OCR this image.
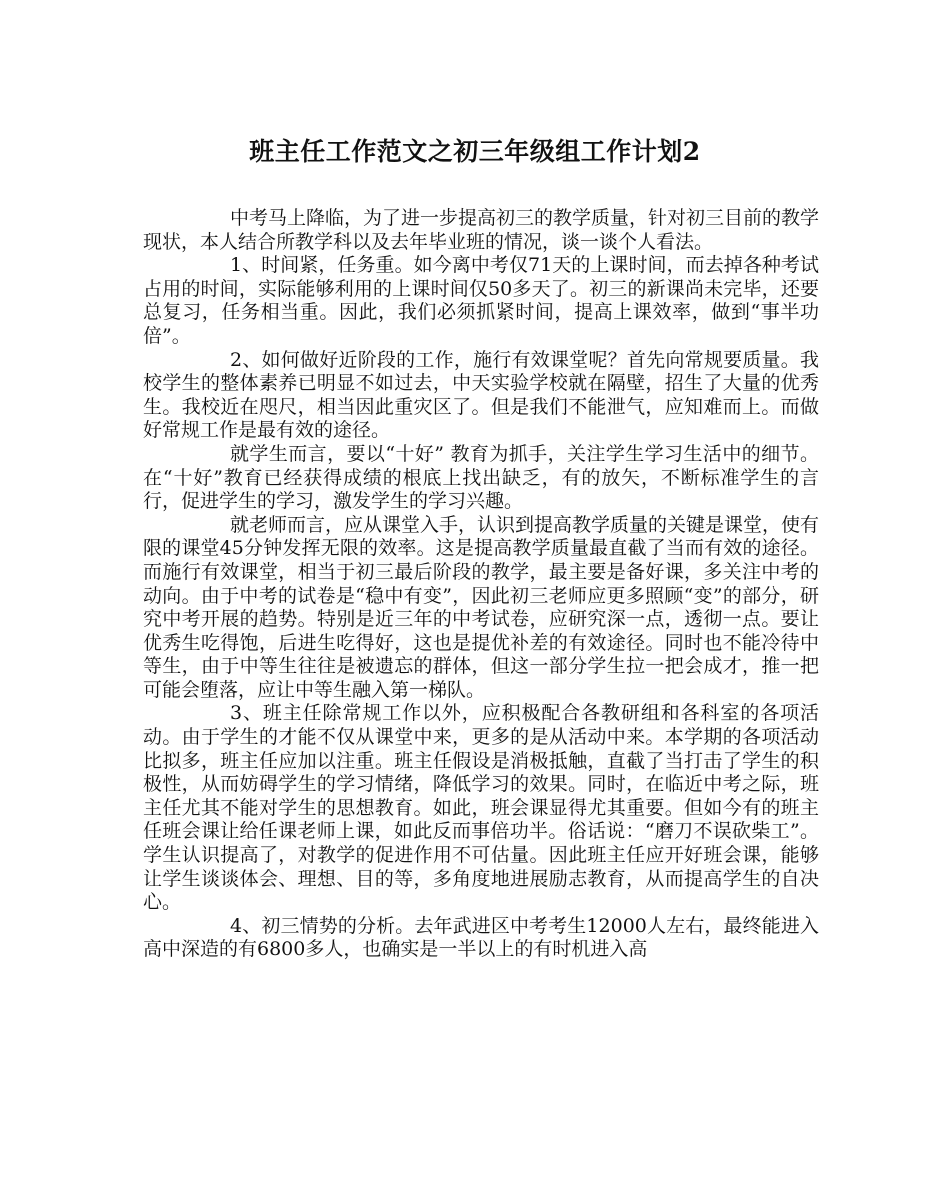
班主任工作范文之初三年级组工作计划2

中考马上降临，为了进一步提高初三的教学质量，针对初三目前的教学现状，本人结合所教学科以及去年毕业班的情况，谈一谈个人看法。

1、时间紧，任务重。如今离中考仅71天的上课时间，而去掉各种考试占用的时间，实际能够利用的上课时间仅50多天了。初三的新课尚未完毕，还要总复习，任务相当重。因此，我们必须抓紧时间，提高上课效率，做到“事半功倍”。

2、如何做好近阶段的工作，施行有效课堂呢？首先向常规要质量。我校学生的整体素养已明显不如过去，中天实验学校就在隔壁，招生了大量的优秀生。我校近在咫尺，相当因此重灾区了。但是我们不能泄气，应知难而上。而做好常规工作是最有效的途径。

就学生而言，要以“十好” 教育为抓手，关注学生学习生活中的细节。在“十好”教育已经获得成绩的根底上找出缺乏，有的放矢，不断标准学生的言行，促进学生的学习，激发学生的学习兴趣。

就老师而言，应从课堂入手，认识到提高教学质量的关键是课堂，使有限的课堂45分钟发挥无限的效率。这是提高教学质量最直截了当而有效的途径。而施行有效课堂，相当于初三最后阶段的教学，最主要是备好课，多关注中考的动向。由于中考的试卷是“稳中有变”，因此初三老师应更多照顾“变”的部分，研究中考开展的趋势。特别是近三年的中考试卷，应研究深一点，透彻一点。要让优秀生吃得饱，后进生吃得好，这也是提优补差的有效途径。同时也不能冷待中等生，由于中等生往往是被遗忘的群体，但这一部分学生拉一把会成才，推一把可能会堕落，应让中等生融入第一梯队。

3、班主任除常规工作以外，应积极配合各教研组和各科室的各项活动。由于学生的才能不仅从课堂中来，更多的是从活动中来。本学期的各项活动比拟多，班主任应加以注重。班主任假设是消极抵触，直截了当打击了学生的积极性，从而妨碍学生的学习情绪，降低学习的效果。同时，在临近中考之际，班主任尤其不能对学生的思想教育。如此，班会课显得尤其重要。但如今有的班主任班会课让给任课老师上课，如此反而事倍功半。俗话说：“磨刀不误砍柴工”。学生认识提高了，对教学的促进作用不可估量。因此班主任应开好班会课，能够让学生谈谈体会、理想、目的等，多角度地进展励志教育，从而提高学生的自决心。

4、初三情势的分析。去年武进区中考考生12000人左右，最终能进入高中深造的有6800多人，也确实是一半以上的有时机进入高
